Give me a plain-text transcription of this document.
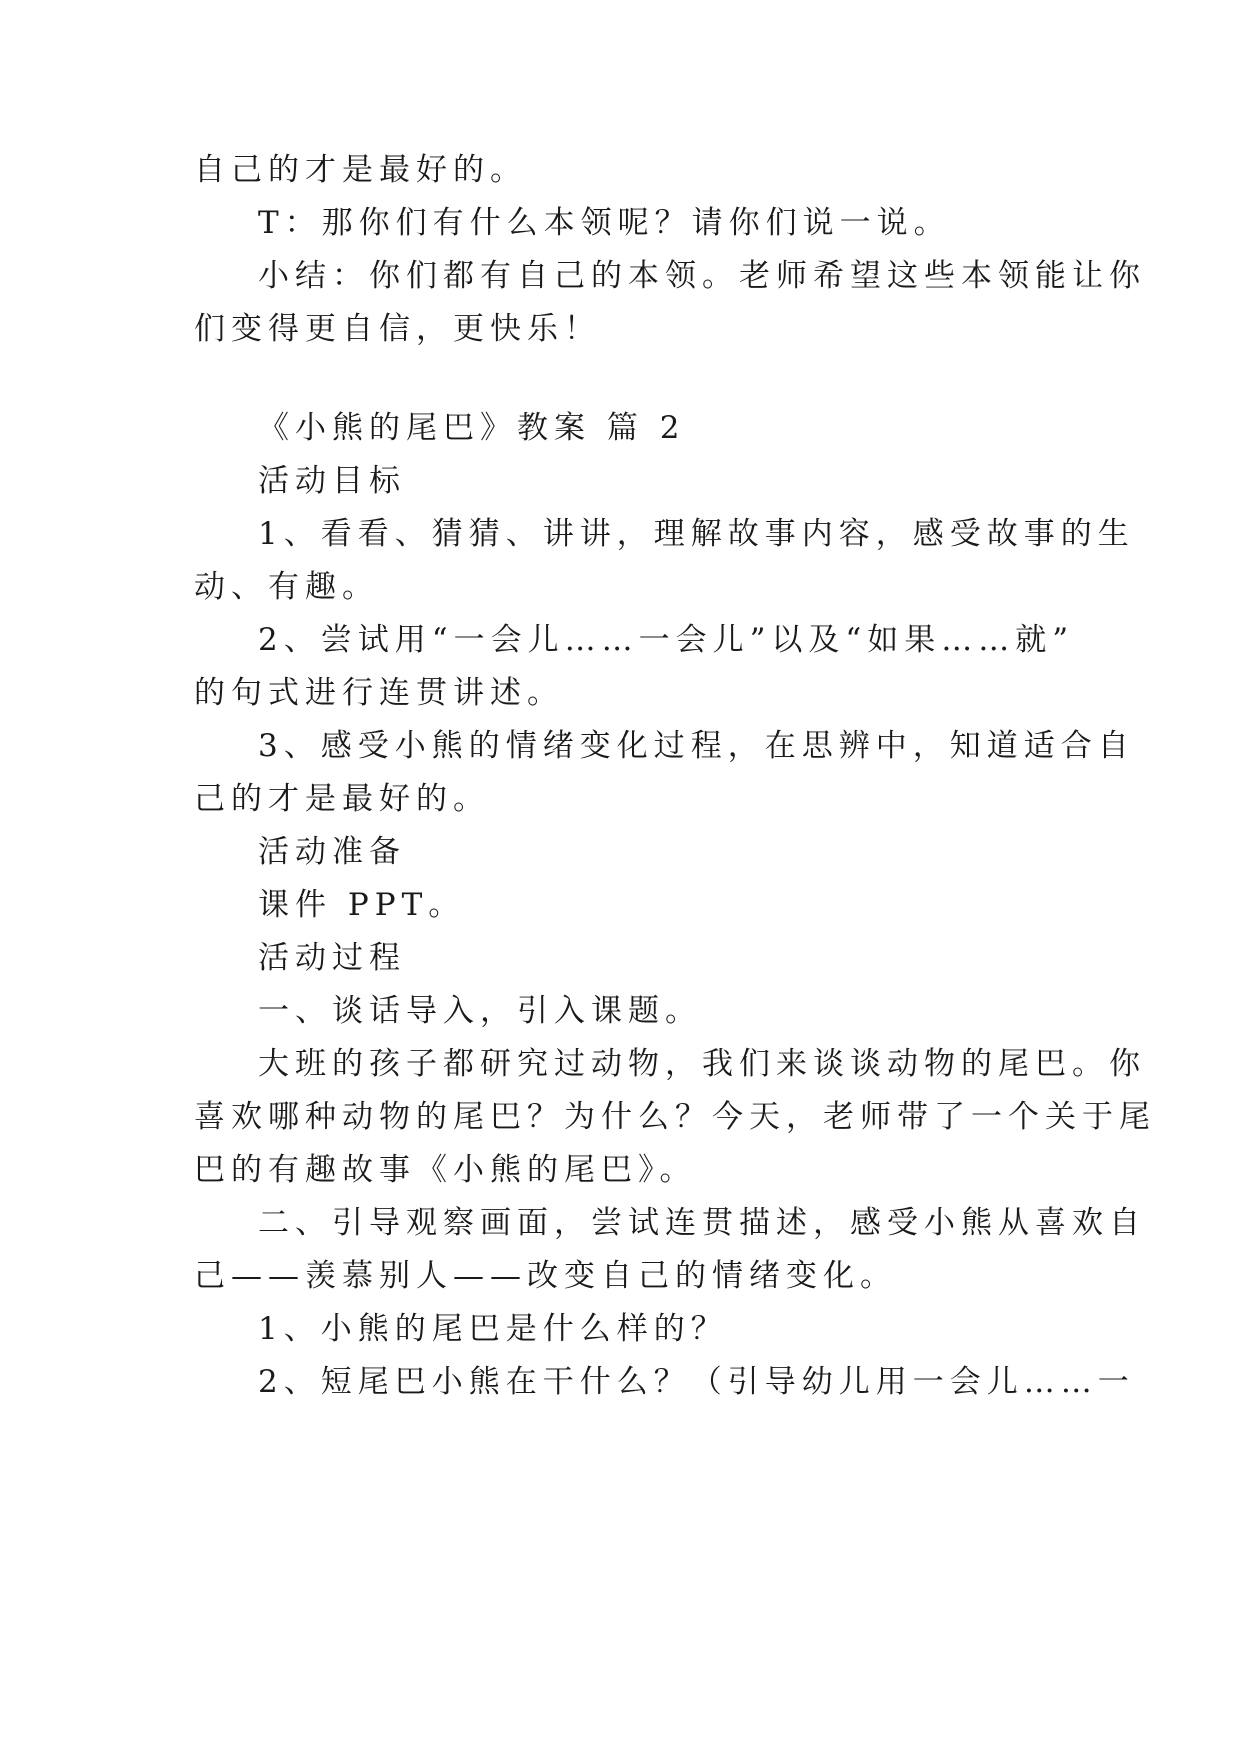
自己的才是最好的。
T：那你们有什么本领呢？请你们说一说。
小结：你们都有自己的本领。老师希望这些本领能让你
们变得更自信，更快乐！
《小熊的尾巴》教案 篇 2
活动目标
1、看看、猜猜、讲讲，理解故事内容，感受故事的生
动、有趣。
2、尝试用“一会儿……一会儿”以及“如果……就”
的句式进行连贯讲述。
3、感受小熊的情绪变化过程，在思辨中，知道适合自
己的才是最好的。
活动准备
课件 PPT。
活动过程
一、谈话导入，引入课题。
大班的孩子都研究过动物，我们来谈谈动物的尾巴。你
喜欢哪种动物的尾巴？为什么？今天，老师带了一个关于尾
巴的有趣故事《小熊的尾巴》。
二、引导观察画面，尝试连贯描述，感受小熊从喜欢自
己——羡慕别人——改变自己的情绪变化。
1、小熊的尾巴是什么样的？
2、短尾巴小熊在干什么？（引导幼儿用一会儿……一
